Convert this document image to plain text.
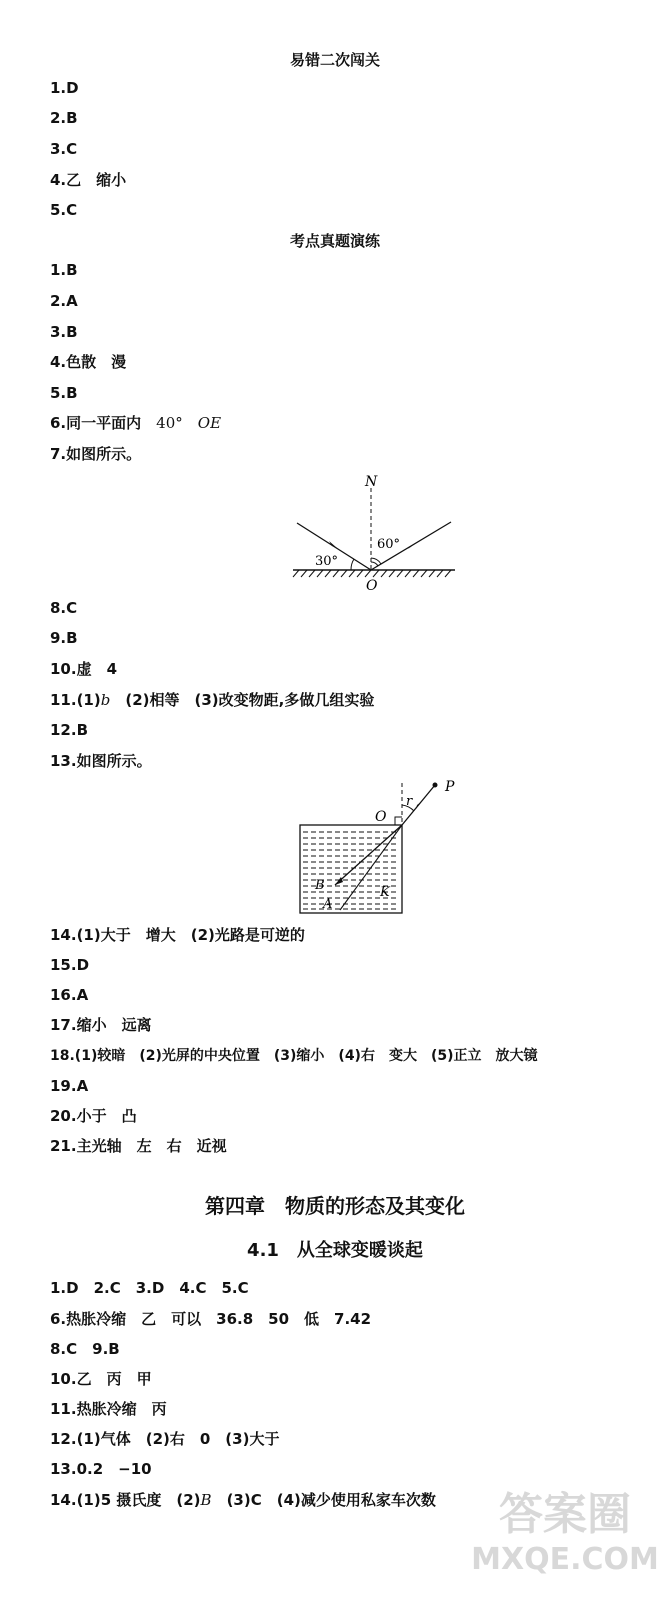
易错二次闯关
1.D
2.B
3.C
4.乙　缩小
5.C
考点真题演练
1.B
2.A
3.B
4.色散　漫
5.B
6.同一平面内　 40°　 OE
7.如图所示。
N
O
30°
60°
8.C
9.B
10.虚　4
11.(1)b　(2)相等　(3)改变物距,多做几组实验
12.B
13.如图所示。
P
O
r
B
A
K
14.(1)大于　增大　(2)光路是可逆的
15.D
16.A
17.缩小　远离
18.(1)较暗　(2)光屏的中央位置　(3)缩小　(4)右　变大　(5)正立　放大镜
19.A
20.小于　凸
21.主光轴　左　右　近视
第四章　物质的形态及其变化
4.1　从全球变暖谈起
1.D　2.C　3.D　4.C　5.C
6.热胀冷缩　乙　可以　36.8　50　低　7.42
8.C　9.B
10.乙　丙　甲
11.热胀冷缩　丙
12.(1)气体　(2)右　0　(3)大于
13.0.2　−10
14.(1)5 摄氏度　(2)B　(3)C　(4)减少使用私家车次数	答案圈
MXQE.COM
